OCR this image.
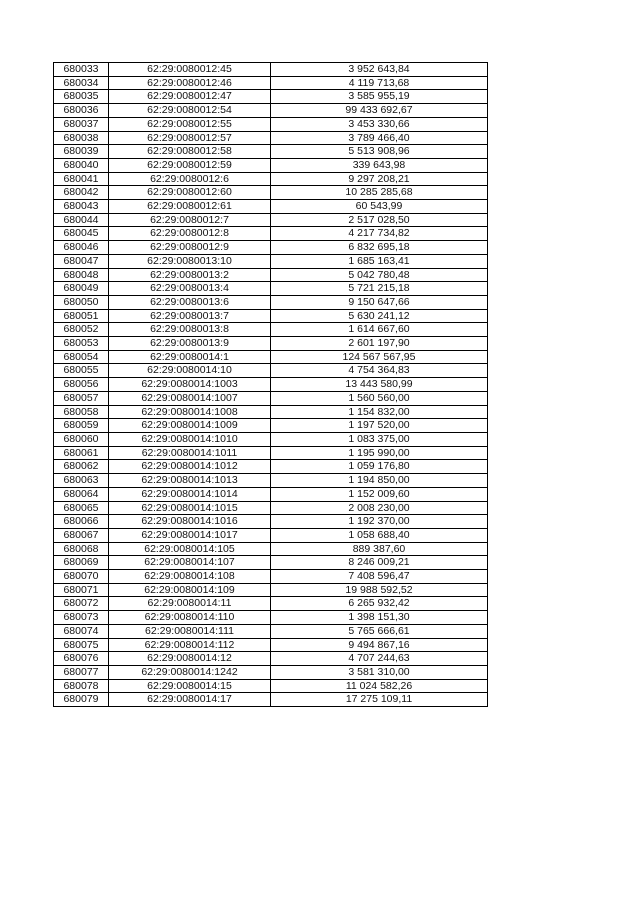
680033	62:29:0080012:45	3 952 643,84
680034	62:29:0080012:46	4 119 713,68
680035	62:29:0080012:47	3 585 955,19
680036	62:29:0080012:54	99 433 692,67
680037	62:29:0080012:55	3 453 330,66
680038	62:29:0080012:57	3 789 466,40
680039	62:29:0080012:58	5 513 908,96
680040	62:29:0080012:59	339 643,98
680041	62:29:0080012:6	9 297 208,21
680042	62:29:0080012:60	10 285 285,68
680043	62:29:0080012:61	60 543,99
680044	62:29:0080012:7	2 517 028,50
680045	62:29:0080012:8	4 217 734,82
680046	62:29:0080012:9	6 832 695,18
680047	62:29:0080013:10	1 685 163,41
680048	62:29:0080013:2	5 042 780,48
680049	62:29:0080013:4	5 721 215,18
680050	62:29:0080013:6	9 150 647,66
680051	62:29:0080013:7	5 630 241,12
680052	62:29:0080013:8	1 614 667,60
680053	62:29:0080013:9	2 601 197,90
680054	62:29:0080014:1	124 567 567,95
680055	62:29:0080014:10	4 754 364,83
680056	62:29:0080014:1003	13 443 580,99
680057	62:29:0080014:1007	1 560 560,00
680058	62:29:0080014:1008	1 154 832,00
680059	62:29:0080014:1009	1 197 520,00
680060	62:29:0080014:1010	1 083 375,00
680061	62:29:0080014:1011	1 195 990,00
680062	62:29:0080014:1012	1 059 176,80
680063	62:29:0080014:1013	1 194 850,00
680064	62:29:0080014:1014	1 152 009,60
680065	62:29:0080014:1015	2 008 230,00
680066	62:29:0080014:1016	1 192 370,00
680067	62:29:0080014:1017	1 058 688,40
680068	62:29:0080014:105	889 387,60
680069	62:29:0080014:107	8 246 009,21
680070	62:29:0080014:108	7 408 596,47
680071	62:29:0080014:109	19 988 592,52
680072	62:29:0080014:11	6 265 932,42
680073	62:29:0080014:110	1 398 151,30
680074	62:29:0080014:111	5 765 666,61
680075	62:29:0080014:112	9 494 867,16
680076	62:29:0080014:12	4 707 244,63
680077	62:29:0080014:1242	3 581 310,00
680078	62:29:0080014:15	11 024 582,26
680079	62:29:0080014:17	17 275 109,11
